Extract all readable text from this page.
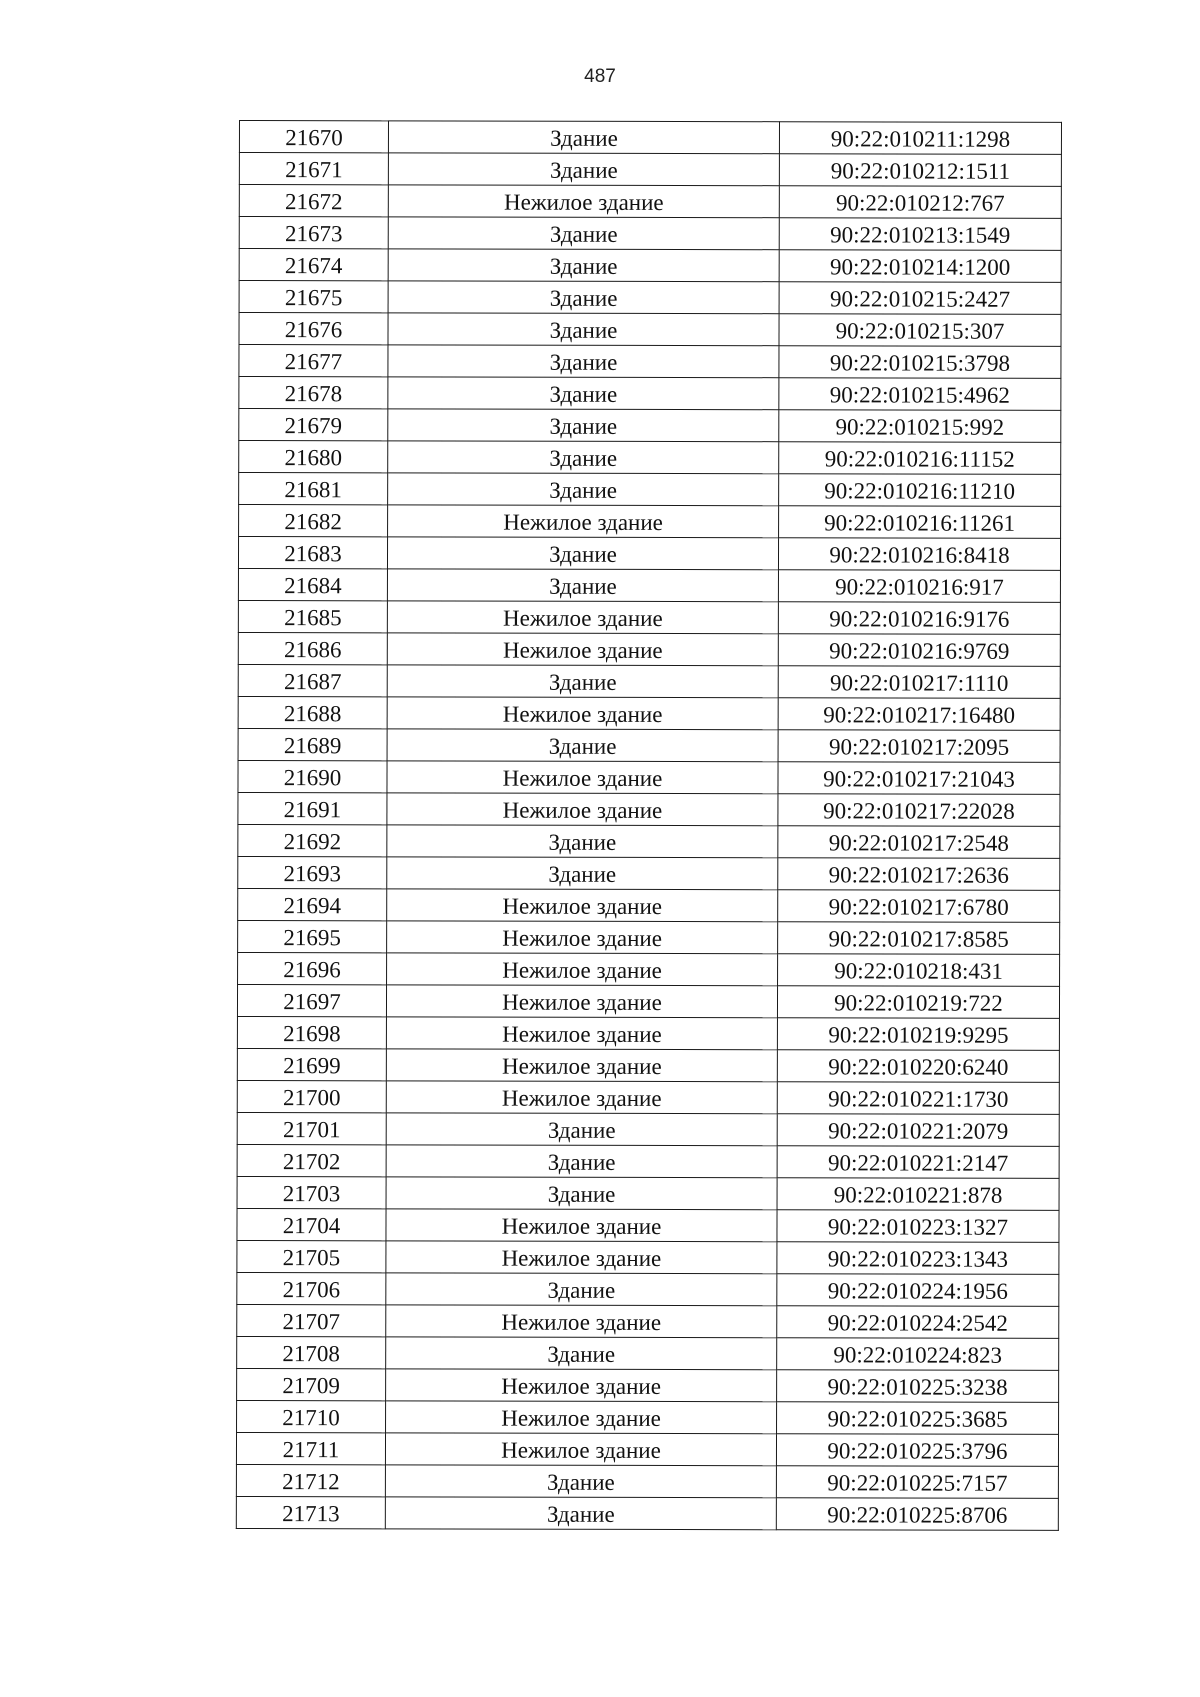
487
21670	Здание	90:22:010211:1298
21671	Здание	90:22:010212:1511
21672	Нежилое здание	90:22:010212:767
21673	Здание	90:22:010213:1549
21674	Здание	90:22:010214:1200
21675	Здание	90:22:010215:2427
21676	Здание	90:22:010215:307
21677	Здание	90:22:010215:3798
21678	Здание	90:22:010215:4962
21679	Здание	90:22:010215:992
21680	Здание	90:22:010216:11152
21681	Здание	90:22:010216:11210
21682	Нежилое здание	90:22:010216:11261
21683	Здание	90:22:010216:8418
21684	Здание	90:22:010216:917
21685	Нежилое здание	90:22:010216:9176
21686	Нежилое здание	90:22:010216:9769
21687	Здание	90:22:010217:1110
21688	Нежилое здание	90:22:010217:16480
21689	Здание	90:22:010217:2095
21690	Нежилое здание	90:22:010217:21043
21691	Нежилое здание	90:22:010217:22028
21692	Здание	90:22:010217:2548
21693	Здание	90:22:010217:2636
21694	Нежилое здание	90:22:010217:6780
21695	Нежилое здание	90:22:010217:8585
21696	Нежилое здание	90:22:010218:431
21697	Нежилое здание	90:22:010219:722
21698	Нежилое здание	90:22:010219:9295
21699	Нежилое здание	90:22:010220:6240
21700	Нежилое здание	90:22:010221:1730
21701	Здание	90:22:010221:2079
21702	Здание	90:22:010221:2147
21703	Здание	90:22:010221:878
21704	Нежилое здание	90:22:010223:1327
21705	Нежилое здание	90:22:010223:1343
21706	Здание	90:22:010224:1956
21707	Нежилое здание	90:22:010224:2542
21708	Здание	90:22:010224:823
21709	Нежилое здание	90:22:010225:3238
21710	Нежилое здание	90:22:010225:3685
21711	Нежилое здание	90:22:010225:3796
21712	Здание	90:22:010225:7157
21713	Здание	90:22:010225:8706
